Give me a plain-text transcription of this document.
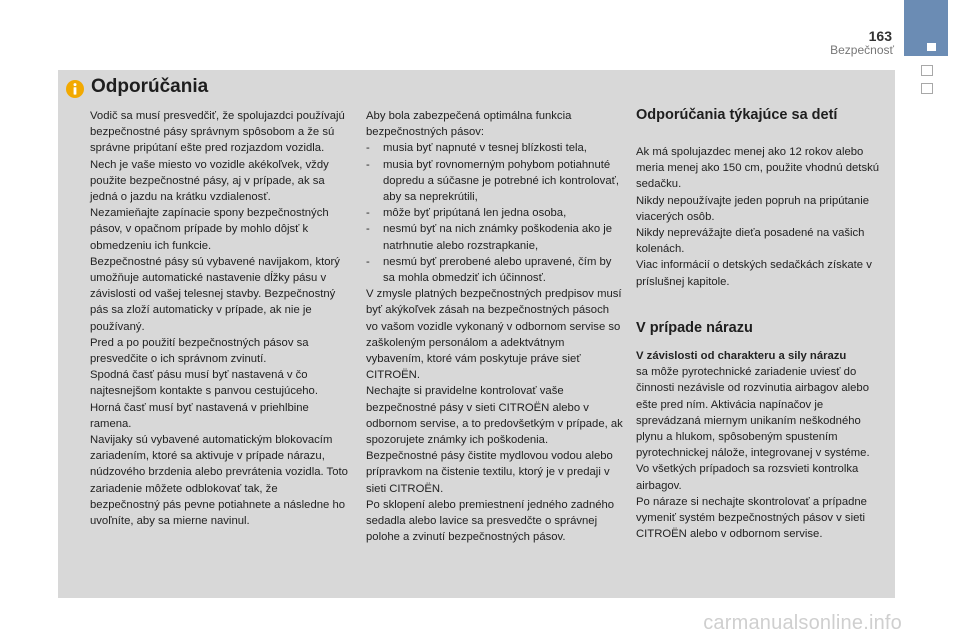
163
Bezpečnosť
Odporúčania

Vodič sa musí presvedčiť, že spolujazdci používajú bezpečnostné pásy správnym spôsobom a že sú správne pripútaní ešte pred rozjazdom vozidla.

Nech je vaše miesto vo vozidle akékoľvek, vždy použite bezpečnostné pásy, aj v prípade, ak sa jedná o jazdu na krátku vzdialenosť.

Nezamieňajte zapínacie spony bezpečnostných pásov, v opačnom prípade by mohlo dôjsť k obmedzeniu ich funkcie.

Bezpečnostné pásy sú vybavené navijakom, ktorý umožňuje automatické nastavenie dĺžky pásu v závislosti od vašej telesnej stavby. Bezpečnostný pás sa zloží automaticky v prípade, ak nie je používaný.

Pred a po použití bezpečnostných pásov sa presvedčite o ich správnom zvinutí.

Spodná časť pásu musí byť nastavená v čo najtesnejšom kontakte s panvou cestujúceho.

Horná časť musí byť nastavená v priehlbine ramena.

Navijaky sú vybavené automatickým blokovacím zariadením, ktoré sa aktivuje v prípade nárazu, núdzového brzdenia alebo prevrátenia vozidla. Toto zariadenie môžete odblokovať tak, že bezpečnostný pás pevne potiahnete a následne ho uvoľníte, aby sa mierne navinul.

Aby bola zabezpečená optimálna funkcia bezpečnostných pásov:

- musia byť napnuté v tesnej blízkosti tela,
- musia byť rovnomerným pohybom potiahnuté dopredu a súčasne je potrebné ich kontrolovať, aby sa neprekrútili,
- môže byť pripútaná len jedna osoba,
- nesmú byť na nich známky poškodenia ako je natrhnutie alebo rozstrapkanie,
- nesmú byť prerobené alebo upravené, čím by sa mohla obmedziť ich účinnosť.

V zmysle platných bezpečnostných predpisov musí byť akýkoľvek zásah na bezpečnostných pásoch vo vašom vozidle vykonaný v odbornom servise so zaškoleným personálom a adektvátnym vybavením, ktoré vám poskytuje práve sieť CITROËN.

Nechajte si pravidelne kontrolovať vaše bezpečnostné pásy v sieti CITROËN alebo v odbornom servise, a to predovšetkým v prípade, ak spozorujete známky ich poškodenia.

Bezpečnostné pásy čistite mydlovou vodou alebo prípravkom na čistenie textilu, ktorý je v predaji v sieti CITROËN.

Po sklopení alebo premiestnení jedného zadného sedadla alebo lavice sa presvedčte o správnej polohe a zvinutí bezpečnostných pásov.

Odporúčania týkajúce sa detí

Ak má spolujazdec menej ako 12 rokov alebo meria menej ako 150 cm, použite vhodnú detskú sedačku.

Nikdy nepoužívajte jeden popruh na pripútanie viacerých osôb.

Nikdy neprevážajte dieťa posadené na vašich kolenách.

Viac informácií o detských sedačkách získate v príslušnej kapitole.

V prípade nárazu

V závislosti od charakteru a sily nárazu

sa môže pyrotechnické zariadenie uviesť do činnosti nezávisle od rozvinutia airbagov alebo ešte pred ním. Aktivácia napínačov je sprevádzaná miernym unikaním neškodného plynu a hlukom, spôsobeným spustením pyrotechnickej nálože, integrovanej v systéme.

Vo všetkých prípadoch sa rozsvieti kontrolka airbagov.

Po náraze si nechajte skontrolovať a prípadne vymeniť systém bezpečnostných pásov v sieti CITROËN alebo v odbornom servise.

carmanualsonline.info
